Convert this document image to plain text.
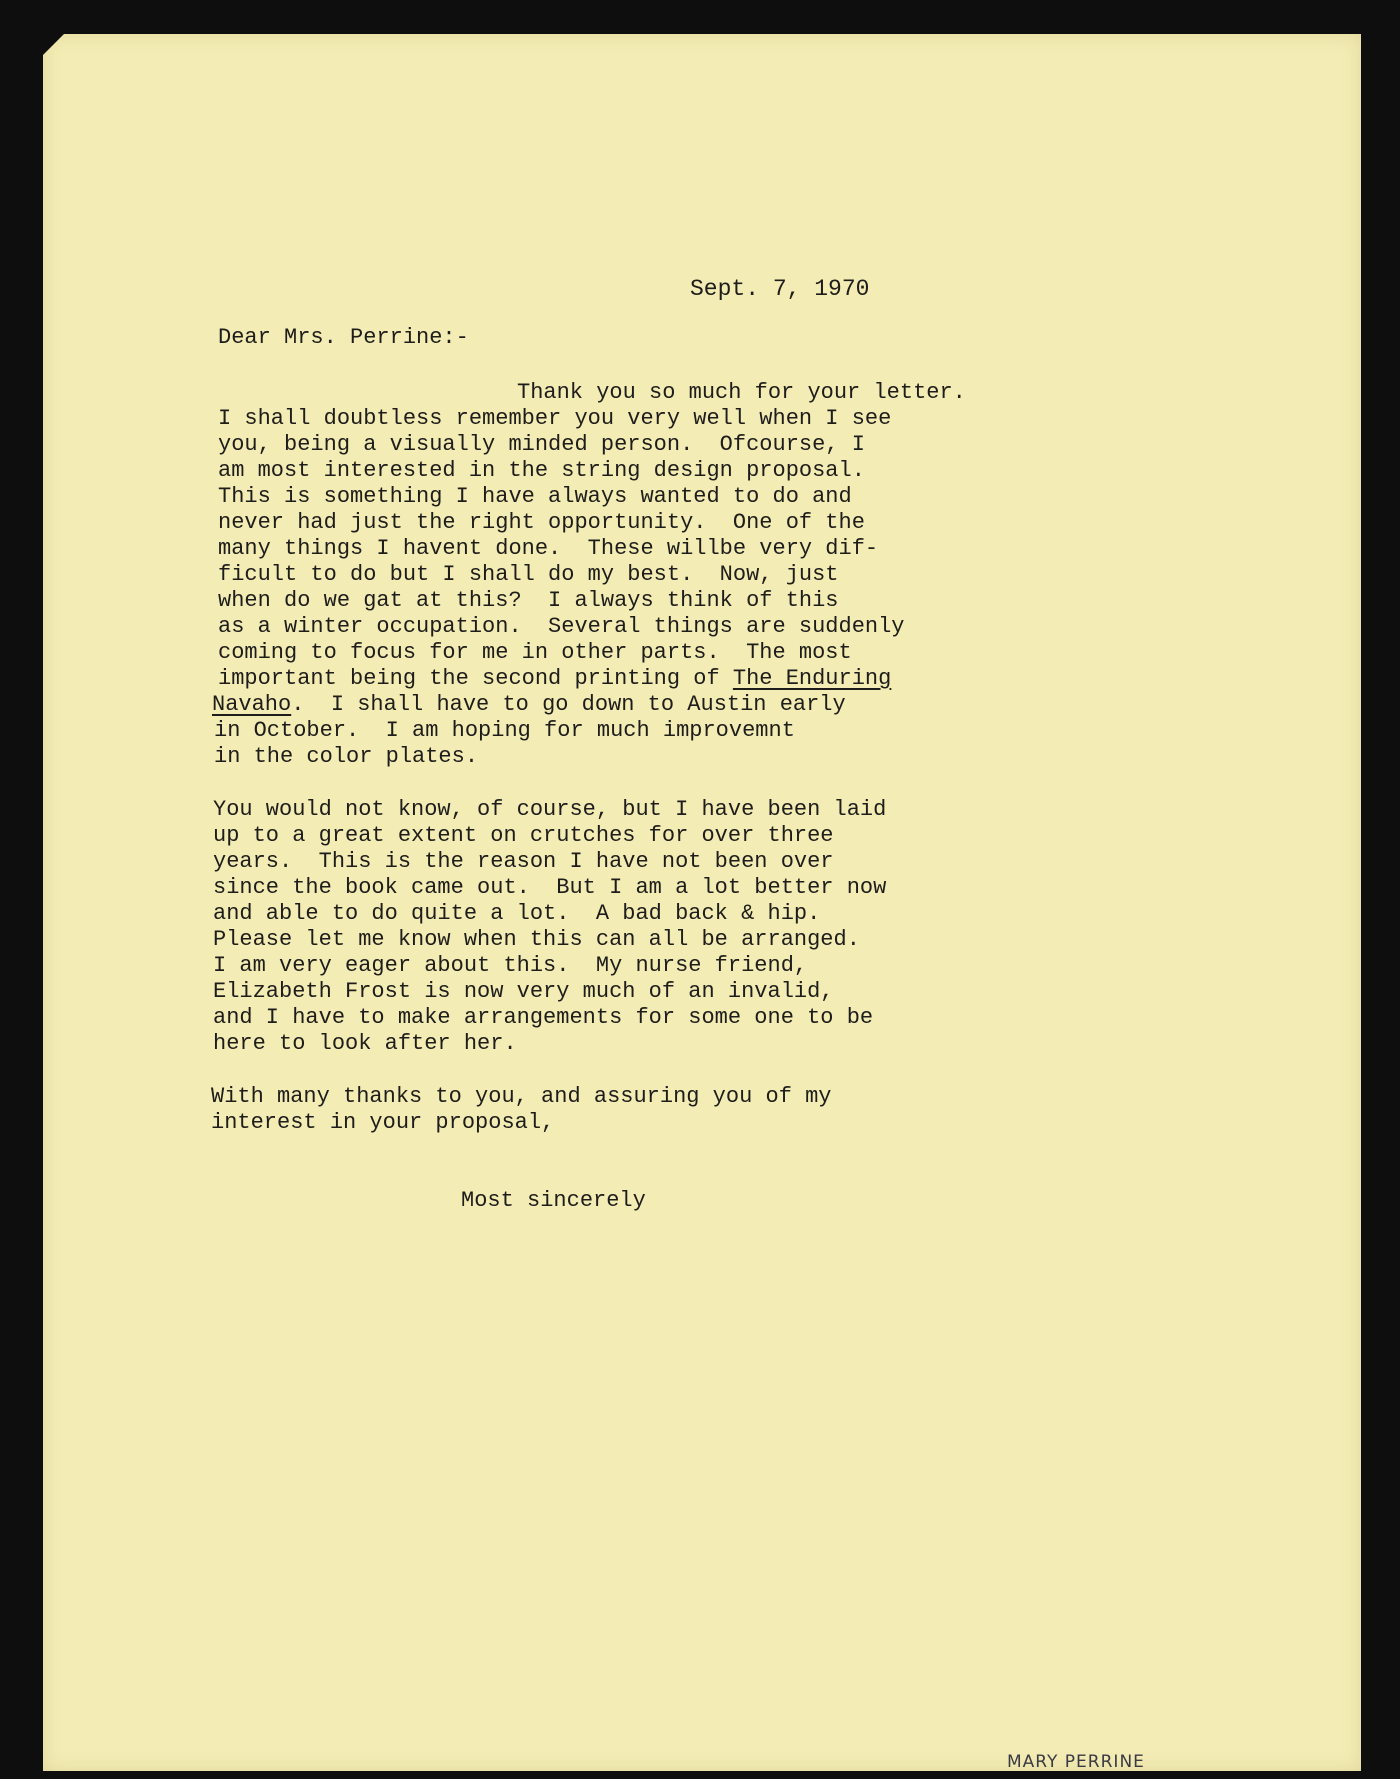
Sept. 7, 1970
Dear Mrs. Perrine:-
Thank you so much for your letter.
I shall doubtless remember you very well when I see
you, being a visually minded person.  Ofcourse, I
am most interested in the string design proposal.
This is something I have always wanted to do and
never had just the right opportunity.  One of the
many things I havent done.  These willbe very dif-
ficult to do but I shall do my best.  Now, just
when do we gat at this?  I always think of this
as a winter occupation.  Several things are suddenly
coming to focus for me in other parts.  The most
important being the second printing of The Enduring
Navaho.  I shall have to go down to Austin early
in October.  I am hoping for much improvemnt
in the color plates.
You would not know, of course, but I have been laid
up to a great extent on crutches for over three
years.  This is the reason I have not been over
since the book came out.  But I am a lot better now
and able to do quite a lot.  A bad back & hip.
Please let me know when this can all be arranged.
I am very eager about this.  My nurse friend,
Elizabeth Frost is now very much of an invalid,
and I have to make arrangements for some one to be
here to look after her.
With many thanks to you, and assuring you of my
interest in your proposal,
Most sincerely
MARY PERRINE
